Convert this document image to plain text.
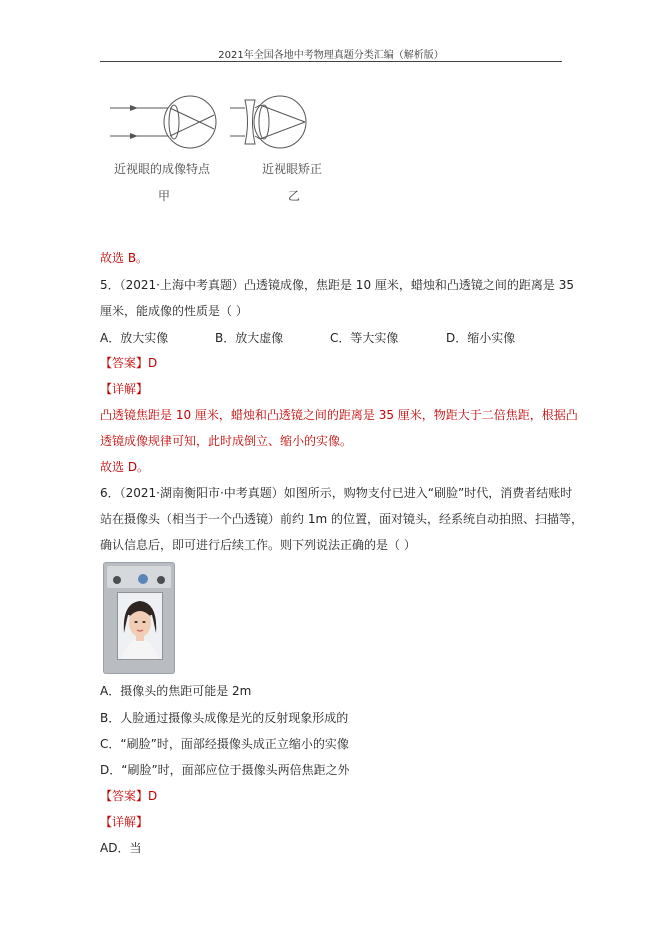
2021年全国各地中考物理真题分类汇编（解析版）
近视眼的成像特点
甲
近视眼矫正
乙
故选 B。
5．（2021·上海中考真题）凸透镜成像，焦距是 10 厘米，蜡烛和凸透镜之间的距离是 35
厘米，能成像的性质是（ ）
A．放大实像	B．放大虚像	C．等大实像	D．缩小实像
【答案】D
【详解】
凸透镜焦距是 10 厘米，蜡烛和凸透镜之间的距离是 35 厘米，物距大于二倍焦距，根据凸
透镜成像规律可知，此时成倒立、缩小的实像。
故选 D。
6．（2021·湖南衡阳市·中考真题）如图所示，购物支付已进入“刷脸”时代，消费者结账时
站在摄像头（相当于一个凸透镜）前约 1m 的位置，面对镜头，经系统自动拍照、扫描等，
确认信息后，即可进行后续工作。则下列说法正确的是（ ）
A．摄像头的焦距可能是 2m
B．人脸通过摄像头成像是光的反射现象形成的
C．“刷脸”时，面部经摄像头成正立缩小的实像
D．“刷脸”时，面部应位于摄像头两倍焦距之外
【答案】D
【详解】
AD．当
